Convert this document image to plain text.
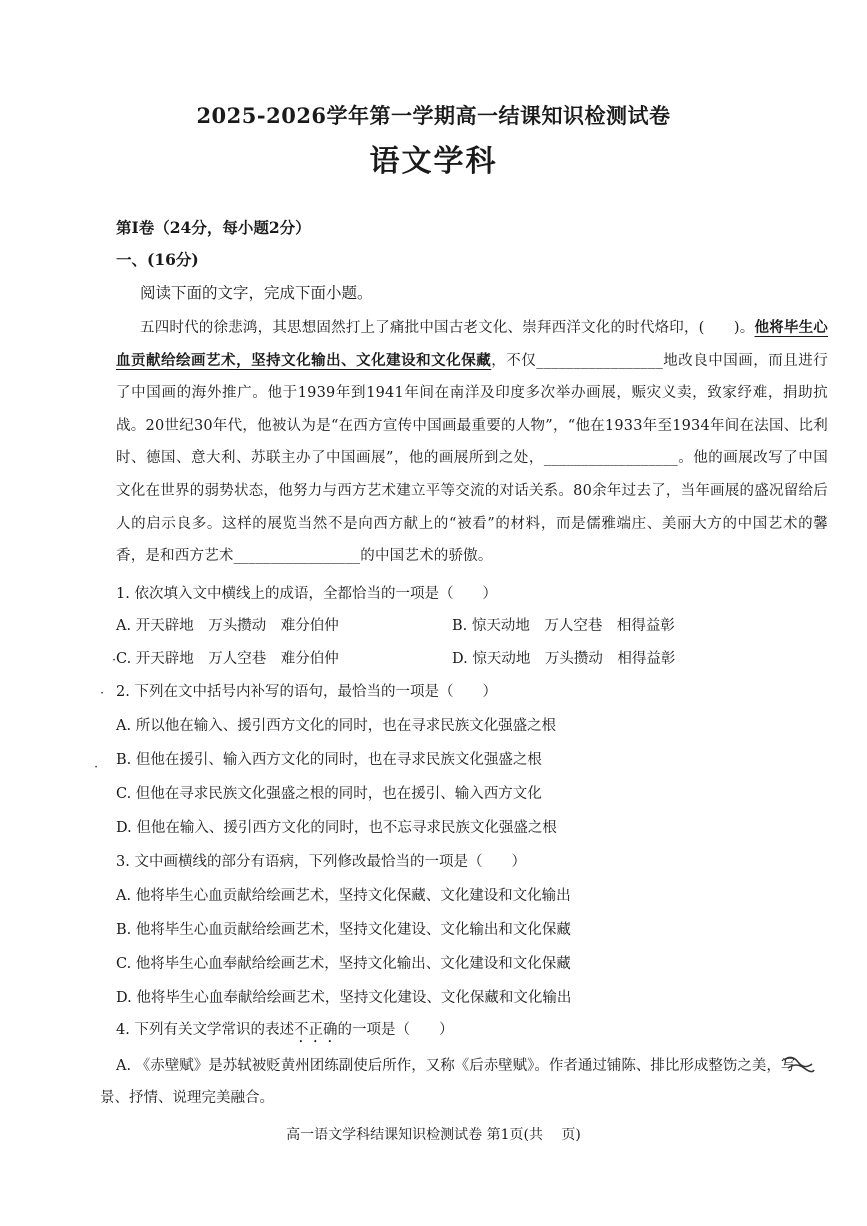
2025-2026学年第一学期高一结课知识检测试卷
语文学科
第Ⅰ卷（24分，每小题2分）
一、(16分)
阅读下面的文字，完成下面小题。
五四时代的徐悲鸿，其思想固然打上了痛批中国古老文化、崇拜西洋文化的时代烙印，(　　)。他将毕生心血贡献给绘画艺术，坚持文化输出、文化建设和文化保藏，不仅_________________地改良中国画，而且进行了中国画的海外推广。他于1939年到1941年间在南洋及印度多次举办画展，赈灾义卖，致家纾难，捐助抗战。20世纪30年代，他被认为是“在西方宣传中国画最重要的人物”，“他在1933年至1934年间在法国、比利时、德国、意大利、苏联主办了中国画展”，他的画展所到之处，__________________。他的画展改写了中国文化在世界的弱势状态，他努力与西方艺术建立平等交流的对话关系。80余年过去了，当年画展的盛况留给后人的启示良多。这样的展览当然不是向西方献上的“被看”的材料，而是儒雅端庄、美丽大方的中国艺术的馨香，是和西方艺术_________________的中国艺术的骄傲。
1. 依次填入文中横线上的成语，全都恰当的一项是（　　）
A. 开天辟地　万头攒动　难分伯仲	B. 惊天动地　万人空巷　相得益彰
C. 开天辟地　万人空巷　难分伯仲	D. 惊天动地　万头攒动　相得益彰
2. 下列在文中括号内补写的语句，最恰当的一项是（　　）
A. 所以他在输入、援引西方文化的同时，也在寻求民族文化强盛之根
B. 但他在援引、输入西方文化的同时，也在寻求民族文化强盛之根
C. 但他在寻求民族文化强盛之根的同时，也在援引、输入西方文化
D. 但他在输入、援引西方文化的同时，也不忘寻求民族文化强盛之根
3. 文中画横线的部分有语病，下列修改最恰当的一项是（　　）
A. 他将毕生心血贡献给绘画艺术，坚持文化保藏、文化建设和文化输出
B. 他将毕生心血贡献给绘画艺术，坚持文化建设、文化输出和文化保藏
C. 他将毕生心血奉献给绘画艺术，坚持文化输出、文化建设和文化保藏
D. 他将毕生心血奉献给绘画艺术，坚持文化建设、文化保藏和文化输出
4. 下列有关文学常识的表述不正确的一项是（　　）
A. 《赤壁赋》是苏轼被贬黄州团练副使后所作，又称《后赤壁赋》。作者通过铺陈、排比形成整饬之美，写
景、抒情、说理完美融合。
高一语文学科结课知识检测试卷 第1页(共　 页)
·
·
·
